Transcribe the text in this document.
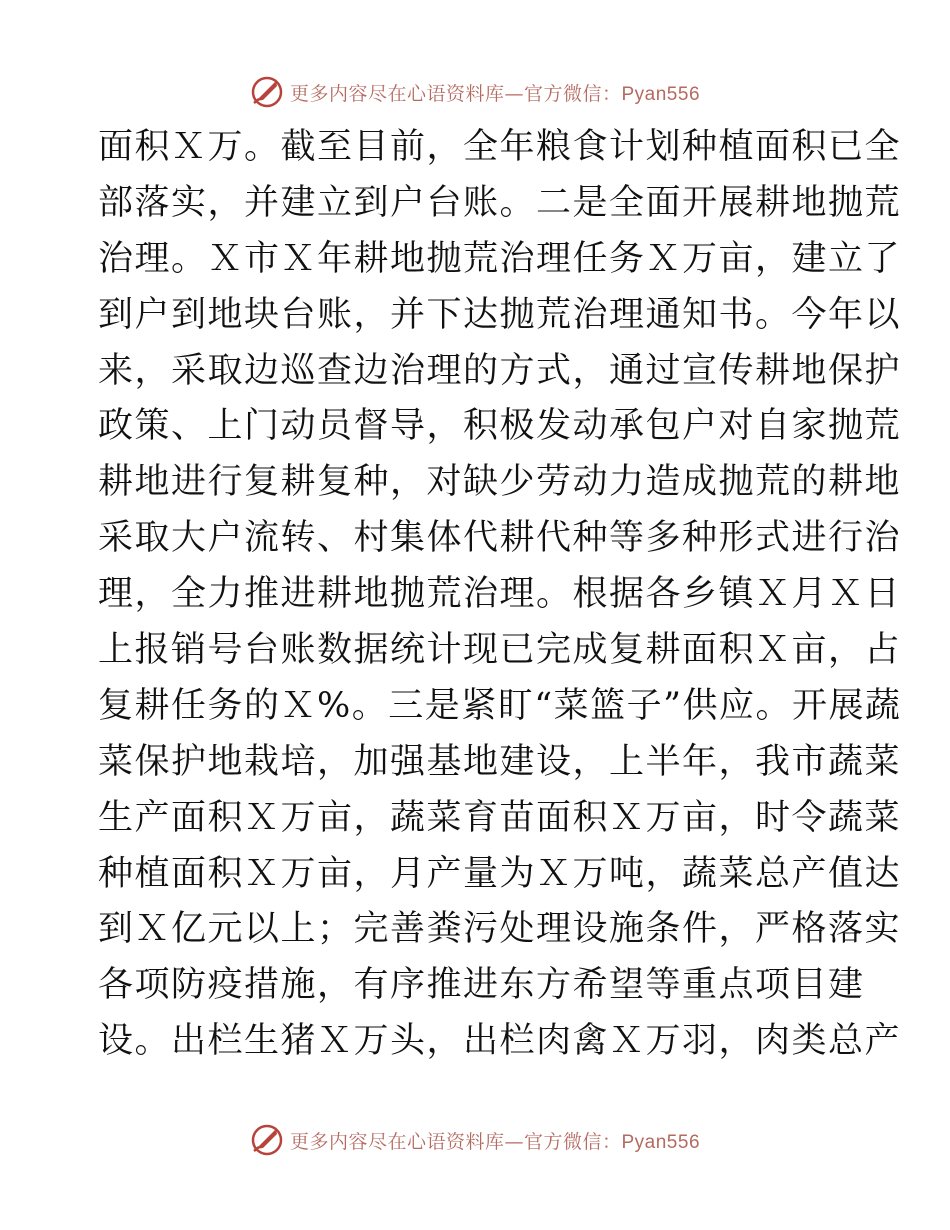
更多内容尽在心语资料库—官方微信：Pyan556
面积Ｘ万。截至目前，全年粮食计划种植面积已全
部落实，并建立到户台账。二是全面开展耕地抛荒
治理。Ｘ市Ｘ年耕地抛荒治理任务Ｘ万亩，建立了
到户到地块台账，并下达抛荒治理通知书。今年以
来，采取边巡查边治理的方式，通过宣传耕地保护
政策、上门动员督导，积极发动承包户对自家抛荒
耕地进行复耕复种，对缺少劳动力造成抛荒的耕地
采取大户流转、村集体代耕代种等多种形式进行治
理，全力推进耕地抛荒治理。根据各乡镇Ｘ月Ｘ日
上报销号台账数据统计现已完成复耕面积Ｘ亩，占
复耕任务的Ｘ%。三是紧盯“菜篮子”供应。开展蔬
菜保护地栽培，加强基地建设，上半年，我市蔬菜
生产面积Ｘ万亩，蔬菜育苗面积Ｘ万亩，时令蔬菜
种植面积Ｘ万亩，月产量为Ｘ万吨，蔬菜总产值达
到Ｘ亿元以上；完善粪污处理设施条件，严格落实
各项防疫措施，有序推进东方希望等重点项目建
设。出栏生猪Ｘ万头，出栏肉禽Ｘ万羽，肉类总产
更多内容尽在心语资料库—官方微信：Pyan556
